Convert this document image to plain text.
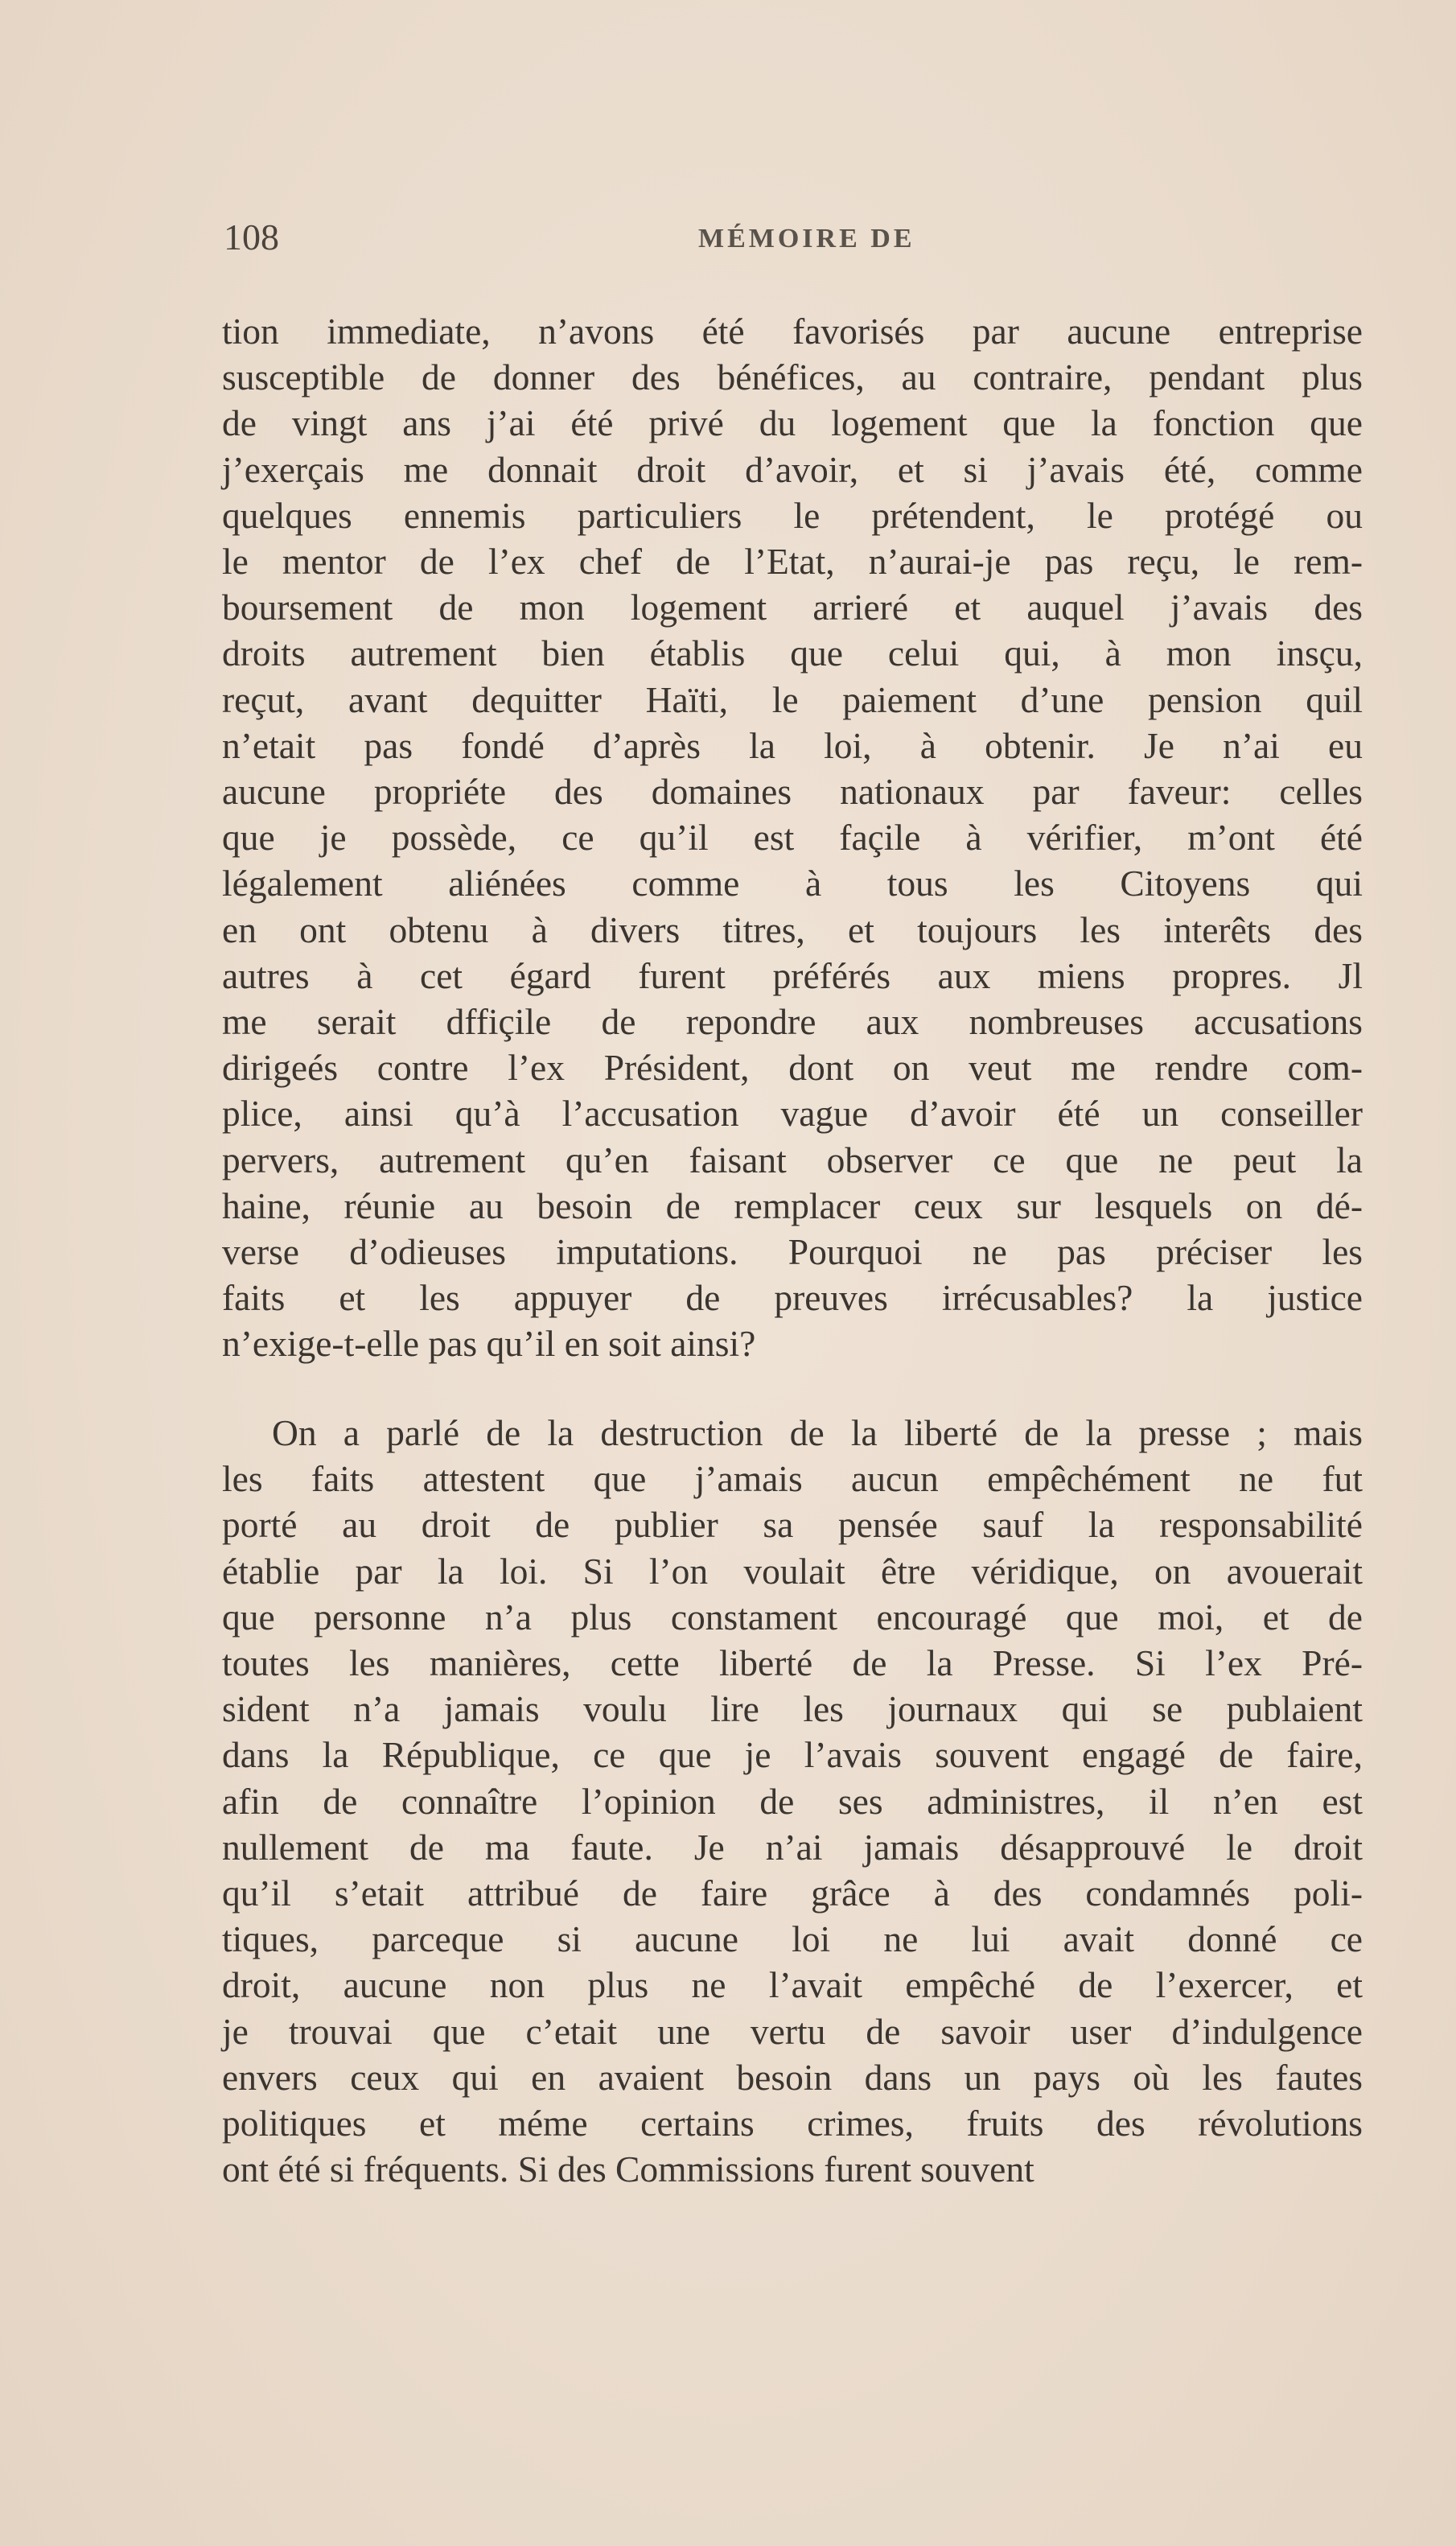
108	MÉMOIRE DE
tion immediate, n’avons été favorisés par aucune entreprise
susceptible de donner des bénéfices, au contraire, pendant plus
de vingt ans j’ai été privé du logement que la fonction que
j’exerçais me donnait droit d’avoir, et si j’avais été, comme
quelques ennemis particuliers le prétendent, le protégé ou
le mentor de l’ex chef de l’Etat, n’aurai-je pas reçu, le rem-
boursement de mon logement arrieré et auquel j’avais des
droits autrement bien établis que celui qui, à mon insçu,
reçut, avant dequitter Haïti, le paiement d’une pension quil
n’etait pas fondé d’après la loi, à obtenir. Je n’ai eu
aucune propriéte des domaines nationaux par faveur: celles
que je possède, ce qu’il est façile à vérifier, m’ont été
légalement aliénées comme à tous les Citoyens qui
en ont obtenu à divers titres, et toujours les interêts des
autres à cet égard furent préférés aux miens propres. Jl
me serait dffiçile de repondre aux nombreuses accusations
dirigeés contre l’ex Président, dont on veut me rendre com-
plice, ainsi qu’à l’accusation vague d’avoir été un conseiller
pervers, autrement qu’en faisant observer ce que ne peut la
haine, réunie au besoin de remplacer ceux sur lesquels on dé-
verse d’odieuses imputations. Pourquoi ne pas préciser les
faits et les appuyer de preuves irrécusables? la justice
n’exige-t-elle pas qu’il en soit ainsi?
On a parlé de la destruction de la liberté de la presse ; mais
les faits attestent que j’amais aucun empêchément ne fut
porté au droit de publier sa pensée sauf la responsabilité
établie par la loi. Si l’on voulait être véridique, on avouerait
que personne n’a plus constament encouragé que moi, et de
toutes les manières, cette liberté de la Presse. Si l’ex Pré-
sident n’a jamais voulu lire les journaux qui se publaient
dans la République, ce que je l’avais souvent engagé de faire,
afin de connaître l’opinion de ses administres, il n’en est
nullement de ma faute. Je n’ai jamais désapprouvé le droit
qu’il s’etait attribué de faire grâce à des condamnés poli-
tiques, parceque si aucune loi ne lui avait donné ce
droit, aucune non plus ne l’avait empêché de l’exercer, et
je trouvai que c’etait une vertu de savoir user d’indulgence
envers ceux qui en avaient besoin dans un pays où les fautes
politiques et méme certains crimes, fruits des révolutions
ont été si fréquents. Si des Commissions furent souvent
